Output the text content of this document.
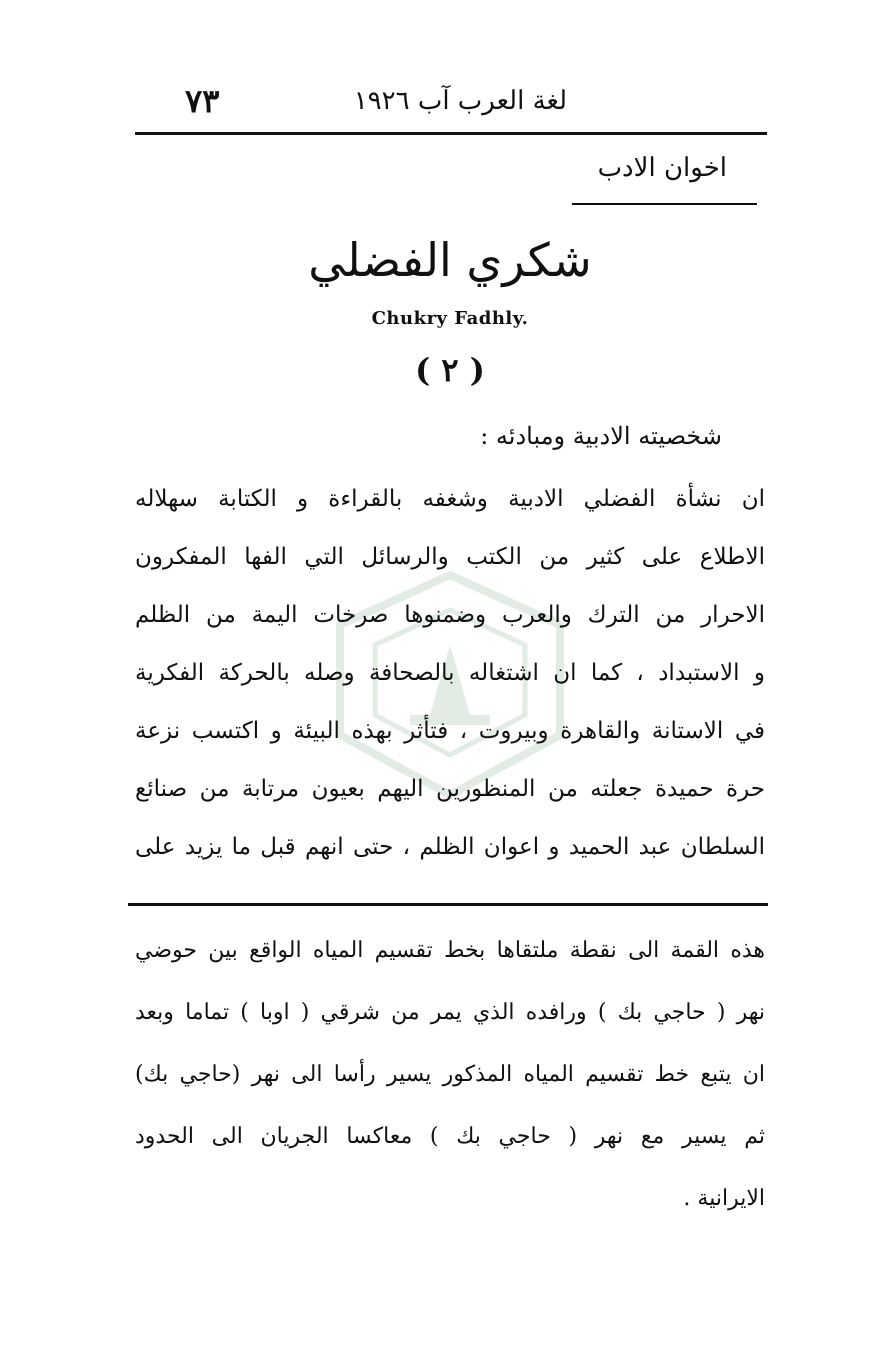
٧٣	لغة العرب آب ١٩٢٦
اخوان الادب
شكري الفضلي
Chukry Fadhly.
( ٢ )
شخصيته الادبية ومبادئه :
ان نشأة الفضلي الادبية وشغفه بالقراءة و الكتابة سهلاله
الاطلاع على كثير من الكتب والرسائل التي الفها المفكرون
الاحرار من الترك والعرب وضمنوها صرخات اليمة من الظلم
و الاستبداد ، كما ان اشتغاله بالصحافة وصله بالحركة الفكرية
في الاستانة والقاهرة وبيروت ، فتأثر بهذه البيئة و اكتسب نزعة
حرة حميدة جعلته من المنظورين اليهم بعيون مرتابة من صنائع
السلطان عبد الحميد و اعوان الظلم ، حتى انهم قبل ما يزيد على
هذه القمة الى نقطة ملتقاها بخط تقسيم المياه الواقع بين حوضي
نهر ( حاجي بك ) ورافده الذي يمر من شرقي ( اوبا ) تماما وبعد
ان يتبع خط تقسيم المياه المذكور يسير رأسا الى نهر (حاجي بك)
ثم يسير مع نهر ( حاجي بك ) معاكسا الجريان الى الحدود
الايرانية .
